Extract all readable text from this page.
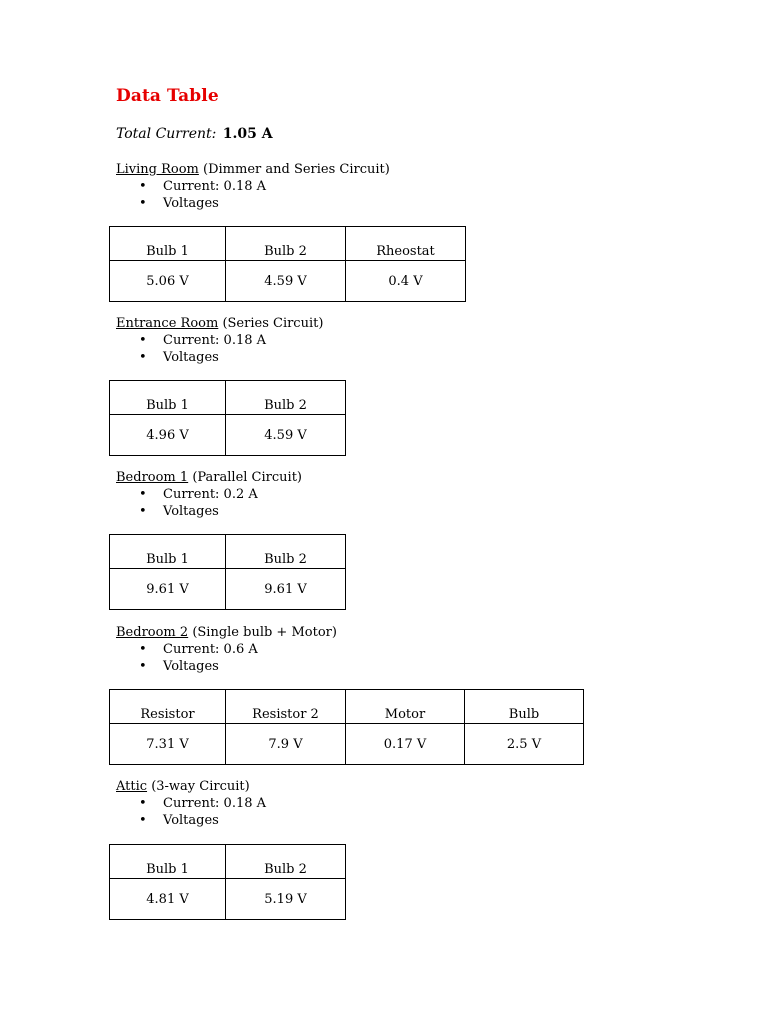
Data Table
Total Current: 1.05 A
Living Room (Dimmer and Series Circuit)
• Current: 0.18 A
• Voltages
Bulb 1	Bulb 2	Rheostat
5.06 V	4.59 V	0.4 V
Entrance Room (Series Circuit)
• Current: 0.18 A
• Voltages
Bulb 1	Bulb 2
4.96 V	4.59 V
Bedroom 1 (Parallel Circuit)
• Current: 0.2 A
• Voltages
Bulb 1	Bulb 2
9.61 V	9.61 V
Bedroom 2 (Single bulb + Motor)
• Current: 0.6 A
• Voltages
Resistor	Resistor 2	Motor	Bulb
7.31 V	7.9 V	0.17 V	2.5 V
Attic (3-way Circuit)
• Current: 0.18 A
• Voltages
Bulb 1	Bulb 2
4.81 V	5.19 V
